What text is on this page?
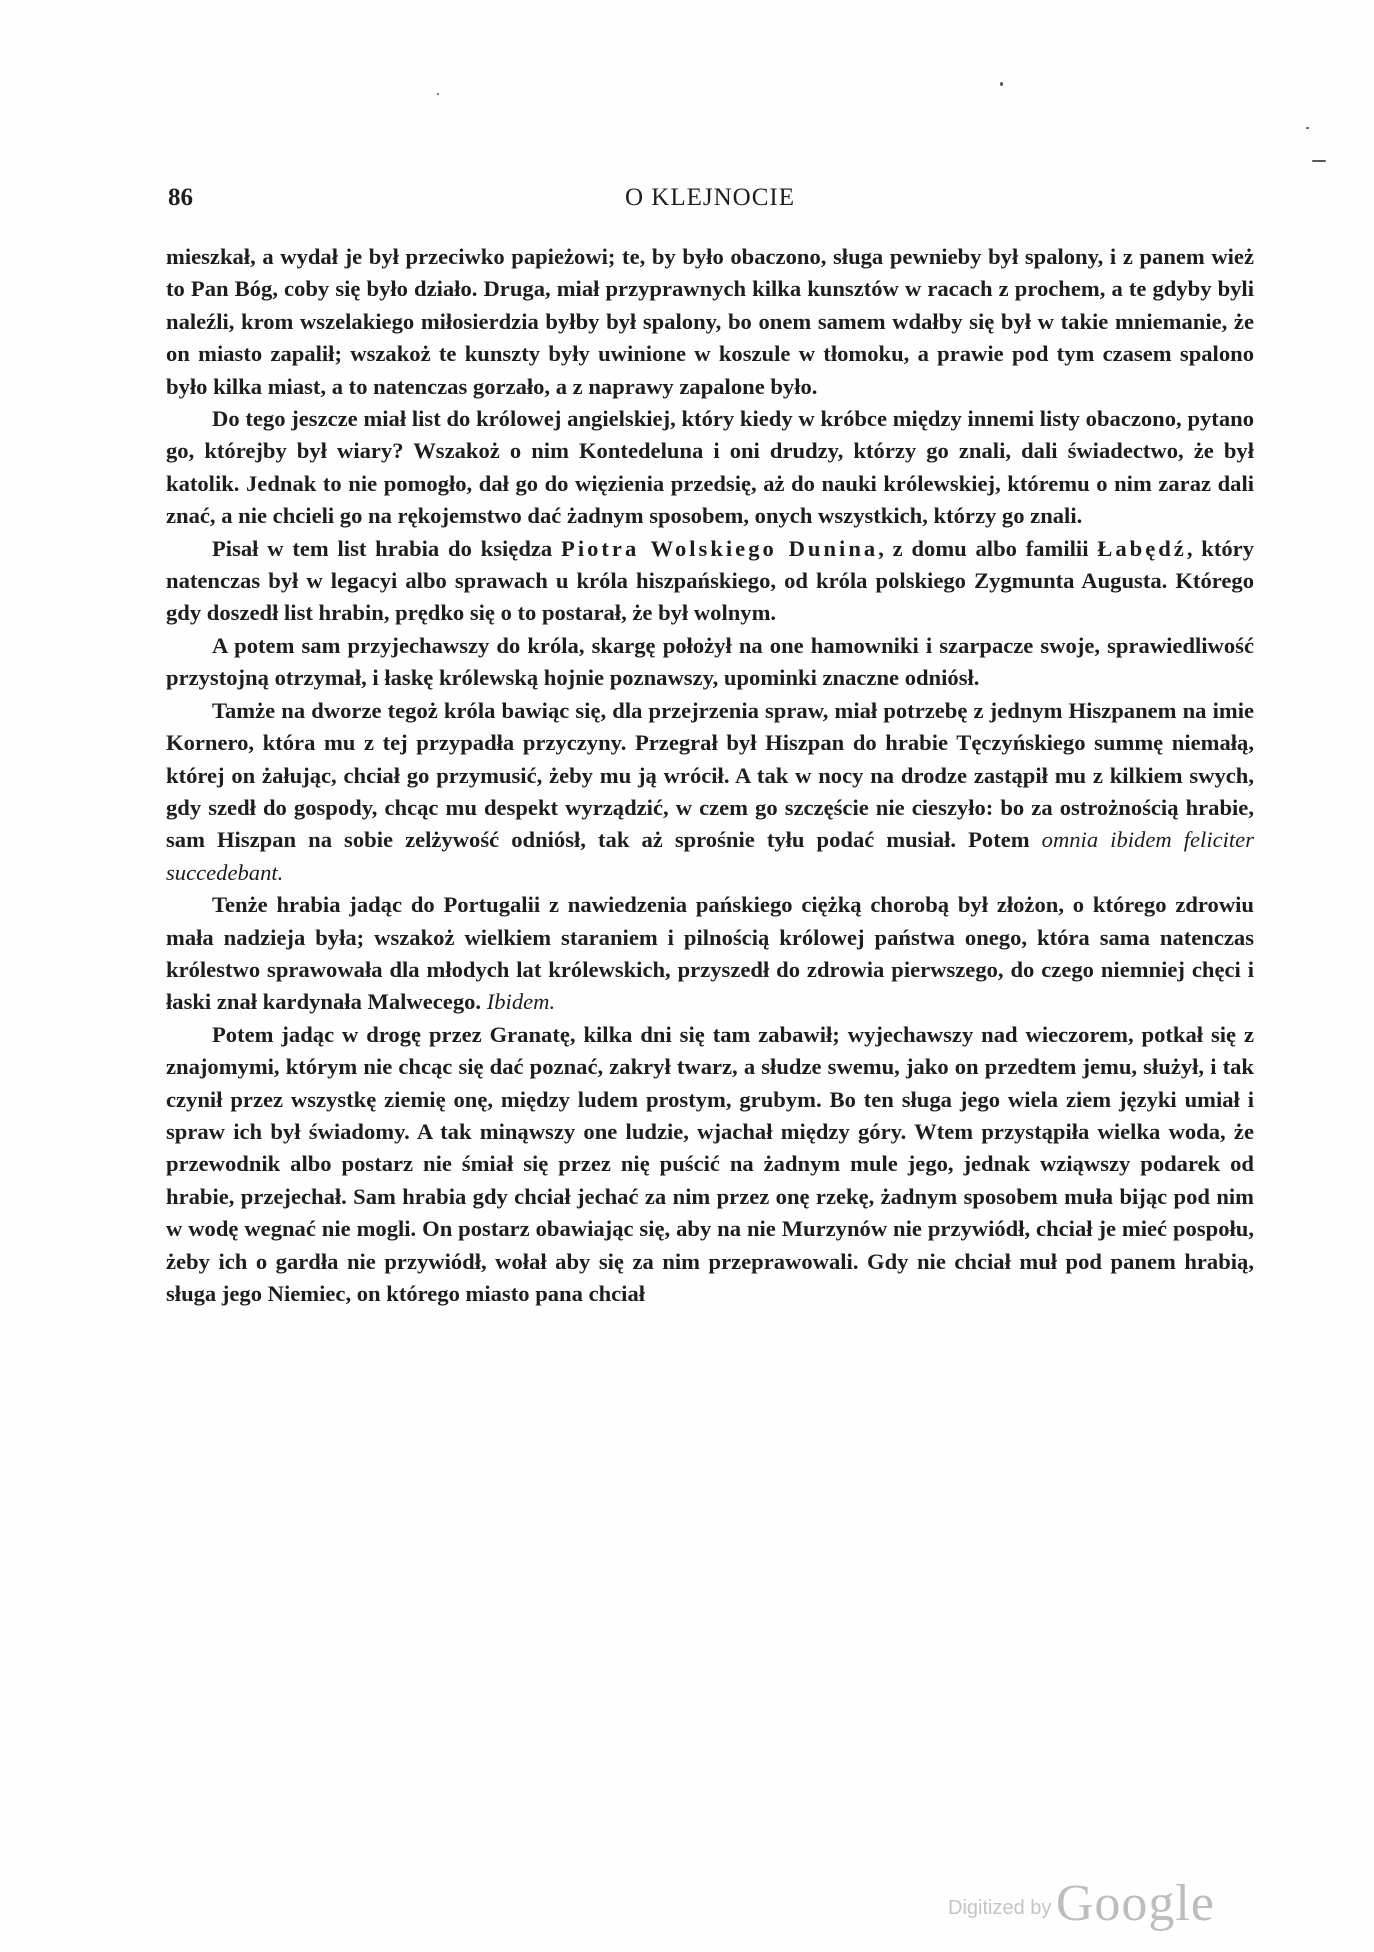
86	O KLEJNOCIE

mieszkał, a wydał je był przeciwko papieżowi; te, by było obaczono, sługa pewnieby był spalony, i z panem wież to Pan Bóg, coby się było działo. Druga, miał przyprawnych kilka kunsztów w racach z prochem, a te gdyby byli naleźli, krom wszelakiego miłosierdzia byłby był spalony, bo onem samem wdałby się był w takie mniemanie, że on miasto zapalił; wszakoż te kunszty były uwinione w koszule w tłomoku, a prawie pod tym czasem spalono było kilka miast, a to natenczas gorzało, a z naprawy zapalone było.

Do tego jeszcze miał list do królowej angielskiej, który kiedy w króbce między innemi listy obaczono, pytano go, którejby był wiary? Wszakoż o nim Kontedeluna i oni drudzy, którzy go znali, dali świadectwo, że był katolik. Jednak to nie pomogło, dał go do więzienia przedsię, aż do nauki królewskiej, któremu o nim zaraz dali znać, a nie chcieli go na rękojemstwo dać żadnym sposobem, onych wszystkich, którzy go znali.

Pisał w tem list hrabia do księdza Piotra Wolskiego Dunina, z domu albo familii Łabędź, który natenczas był w legacyi albo sprawach u króla hiszpańskiego, od króla polskiego Zygmunta Augusta. Którego gdy doszedł list hrabin, prędko się o to postarał, że był wolnym.

A potem sam przyjechawszy do króla, skargę położył na one hamowniki i szarpacze swoje, sprawiedliwość przystojną otrzymał, i łaskę królewską hojnie poznawszy, upominki znaczne odniósł.

Tamże na dworze tegoż króla bawiąc się, dla przejrzenia spraw, miał potrzebę z jednym Hiszpanem na imie Kornero, która mu z tej przypadła przyczyny. Przegrał był Hiszpan do hrabie Tęczyńskiego summę niemałą, której on żałując, chciał go przymusić, żeby mu ją wrócił. A tak w nocy na drodze zastąpił mu z kilkiem swych, gdy szedł do gospody, chcąc mu despekt wyrządzić, w czem go szczęście nie cieszyło: bo za ostrożnością hrabie, sam Hiszpan na sobie zelżywość odniósł, tak aż sprośnie tyłu podać musiał. Potem omnia ibidem feliciter succedebant.

Tenże hrabia jadąc do Portugalii z nawiedzenia pańskiego ciężką chorobą był złożon, o którego zdrowiu mała nadzieja była; wszakoż wielkiem staraniem i pilnością królowej państwa onego, która sama natenczas królestwo sprawowała dla młodych lat królewskich, przyszedł do zdrowia pierwszego, do czego niemniej chęci i łaski znał kardynała Malwecego. Ibidem.

Potem jadąc w drogę przez Granatę, kilka dni się tam zabawił; wyjechawszy nad wieczorem, potkał się z znajomymi, którym nie chcąc się dać poznać, zakrył twarz, a słudze swemu, jako on przedtem jemu, służył, i tak czynił przez wszystkę ziemię onę, między ludem prostym, grubym. Bo ten sługa jego wiela ziem języki umiał i spraw ich był świadomy. A tak minąwszy one ludzie, wjachał między góry. Wtem przystąpiła wielka woda, że przewodnik albo postarz nie śmiał się przez nię puścić na żadnym mule jego, jednak wziąwszy podarek od hrabie, przejechał. Sam hrabia gdy chciał jechać za nim przez onę rzekę, żadnym sposobem muła bijąc pod nim w wodę wegnać nie mogli. On postarz obawiając się, aby na nie Murzynów nie przywiódł, chciał je mieć pospołu, żeby ich o gardła nie przywiódł, wołał aby się za nim przeprawowali. Gdy nie chciał muł pod panem hrabią, sługa jego Niemiec, on którego miasto pana chciał

Digitized by Google
